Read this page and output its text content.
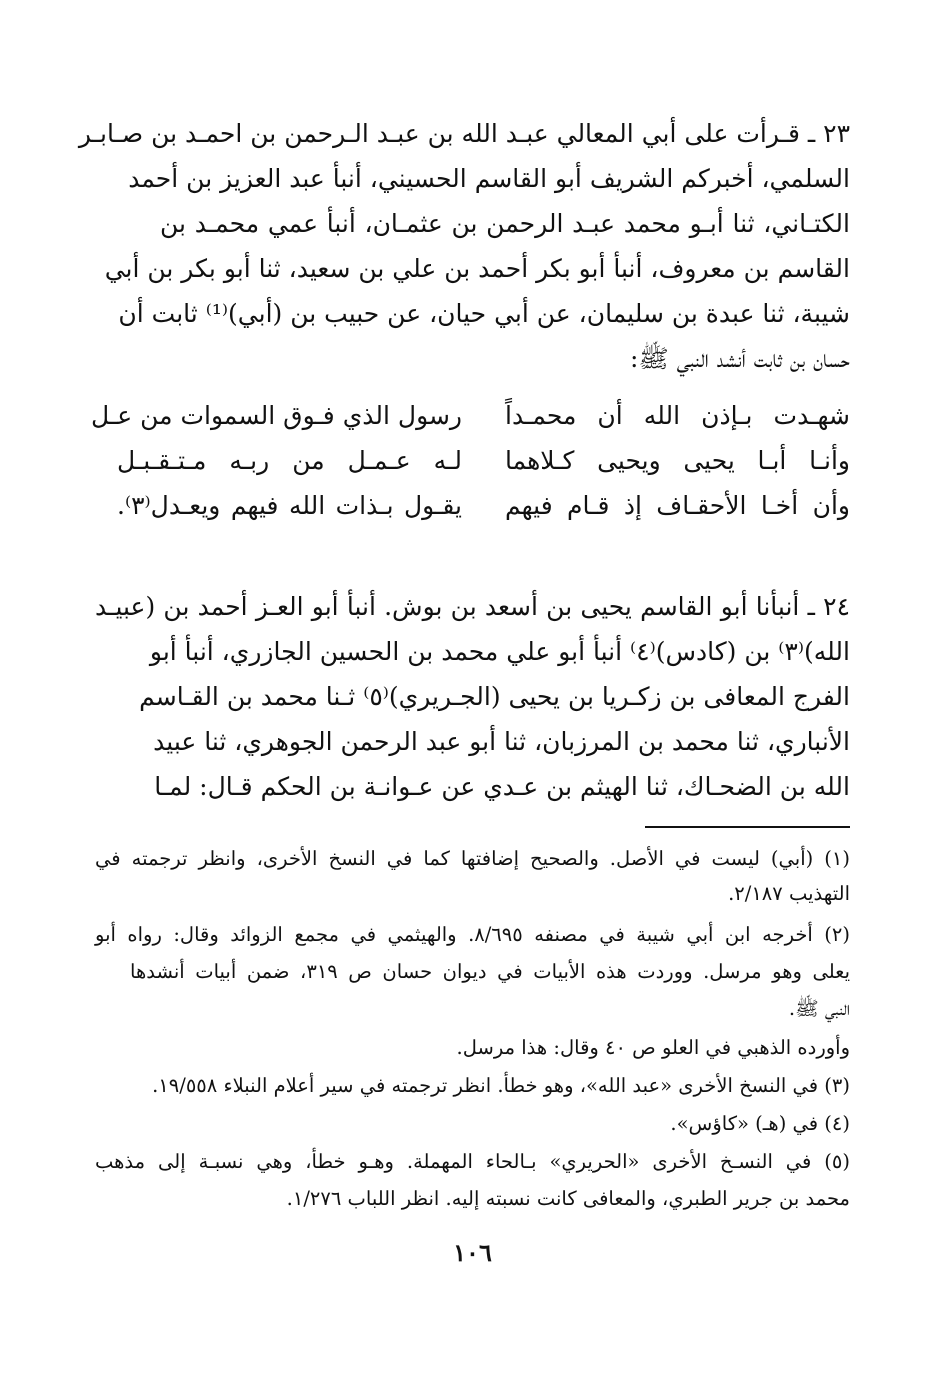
٢٣ ـ قـرأت على أبي المعالي عبـد الله بن عبـد الـرحمن بن احمـد بن صـابـر
السلمي، أخبركم الشريف أبو القاسم الحسيني، أنبأ عبد العزيز بن أحمد
الكتـاني، ثنا أبـو محمد عبـد الرحمن بن عثمـان، أنبأ عمي محمـد بن
القاسم بن معروف، أنبأ أبو بكر أحمد بن علي بن سعيد، ثنا أبو بكر بن أبي
شيبة، ثنا عبدة بن سليمان، عن أبي حيان، عن حبيب بن (أبي)⁽¹⁾ ثابت أن
حسان بن ثابت أنشد النبي ﷺ:
شهـدت بـإذن الله أن محمـداً
رسول الذي فـوق السموات من عـل
وأنـا أبـا يحيى ويحيى كـلاهما
لـه عـمـل من ربـه مـتـقـبـل
وأن أخـا الأحقـاف إذ قـام فيهم
يقـول بـذات الله فيهم ويعـدل⁽٣⁾.
٢٤ ـ أنبأنا أبو القاسم يحيى بن أسعد بن بوش. أنبأ أبو العـز أحمد بن (عبيـد
الله)⁽٣⁾ بن (كادس)⁽٤⁾ أنبأ أبو علي محمد بن الحسين الجازري، أنبأ أبو
الفرج المعافى بن زكـريا بن يحيى (الجـريري)⁽٥⁾ ثـنا محمد بن القـاسم
الأنباري، ثنا محمد بن المرزبان، ثنا أبو عبد الرحمن الجوهري، ثنا عبيد
الله بن الضحـاك، ثنا الهيثم بن عـدي عن عـوانـة بن الحكم قـال: لمـا
(١) (أبي) ليست في الأصل. والصحيح إضافتها كما في النسخ الأخرى، وانظر ترجمته في
التهذيب ٢/١٨٧.
(٢) أخرجه ابن أبي شيبة في مصنفه ٨/٦٩٥. والهيثمي في مجمع الزوائد وقال: رواه أبو
يعلى وهو مرسل. ووردت هذه الأبيات في ديوان حسان ص ٣١٩، ضمن أبيات أنشدها
النبي ﷺ.
وأورده الذهبي في العلو ص ٤٠ وقال: هذا مرسل.
(٣) في النسخ الأخرى «عبد الله»، وهو خطأ. انظر ترجمته في سير أعلام النبلاء ١٩/٥٥٨.
(٤) في (هـ) «كاؤس».
(٥) في النسـخ الأخرى «الحريري» بـالحاء المهملة. وهـو خطأ، وهي نسبـة إلى مذهب
محمد بن جرير الطبري، والمعافى كانت نسبته إليه. انظر اللباب ١/٢٧٦.
١٠٦
